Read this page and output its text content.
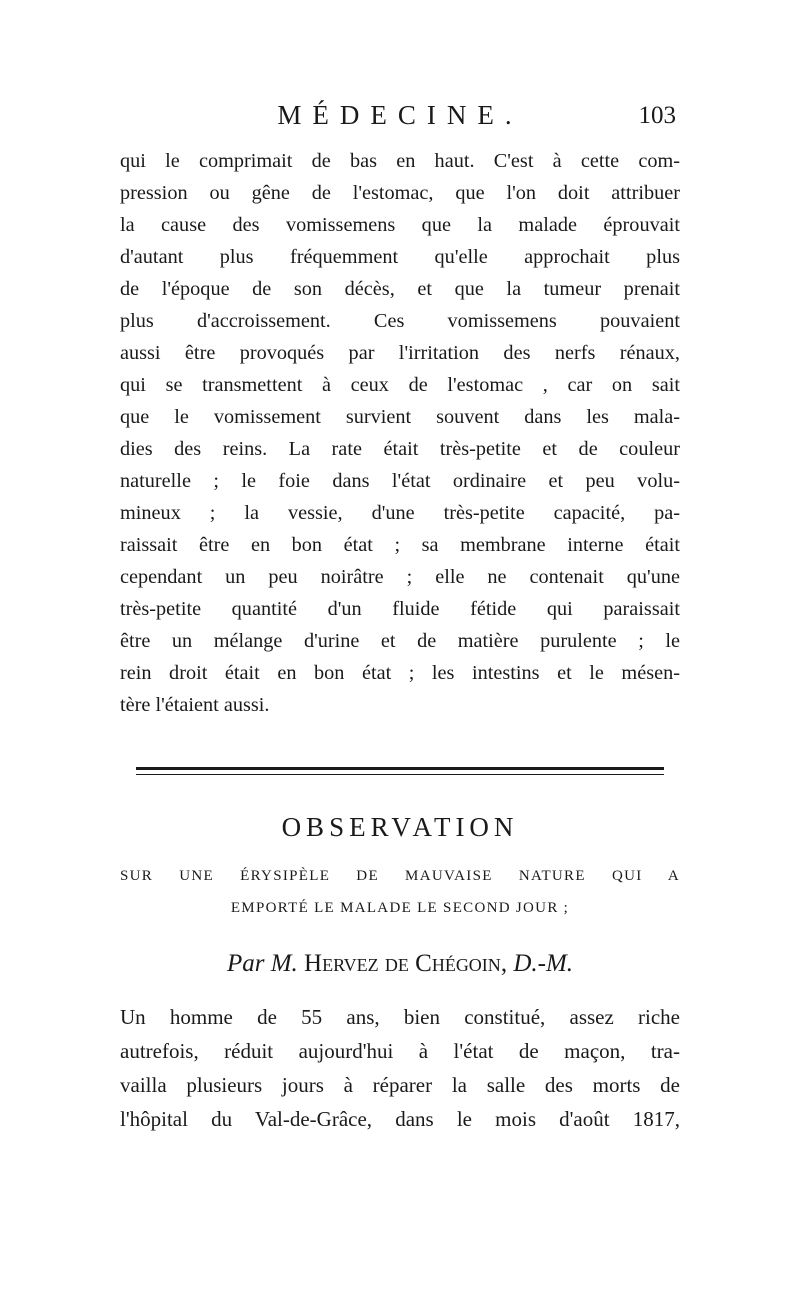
MÉDECINE.	103
qui le comprimait de bas en haut. C'est à cette com-
pression ou gêne de l'estomac, que l'on doit attribuer
la cause des vomissemens que la malade éprouvait
d'autant plus fréquemment qu'elle approchait plus
de l'époque de son décès, et que la tumeur prenait
plus d'accroissement. Ces vomissemens pouvaient
aussi être provoqués par l'irritation des nerfs rénaux,
qui se transmettent à ceux de l'estomac , car on sait
que le vomissement survient souvent dans les mala-
dies des reins. La rate était très-petite et de couleur
naturelle ; le foie dans l'état ordinaire et peu volu-
mineux ; la vessie, d'une très-petite capacité, pa-
raissait être en bon état ; sa membrane interne était
cependant un peu noirâtre ; elle ne contenait qu'une
très-petite quantité d'un fluide fétide qui paraissait
être un mélange d'urine et de matière purulente ; le
rein droit était en bon état ; les intestins et le mésen-
tère l'étaient aussi.
OBSERVATION
SUR UNE ÉRYSIPÈLE DE MAUVAISE NATURE QUI A
EMPORTÉ LE MALADE LE SECOND JOUR ;
Par M. Hervez de Chégoin, D.-M.
Un homme de 55 ans, bien constitué, assez riche
autrefois, réduit aujourd'hui à l'état de maçon, tra-
vailla plusieurs jours à réparer la salle des morts de
l'hôpital du Val-de-Grâce, dans le mois d'août 1817,
